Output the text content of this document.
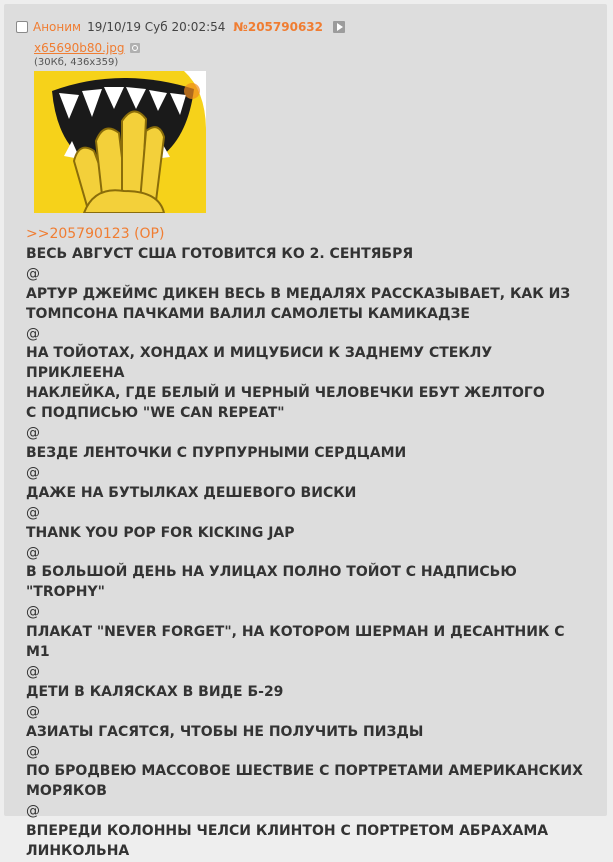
Аноним 19/10/19 Суб 20:02:54 №205790632
x65690b80.jpg
(30Кб, 436x359)
>>205790123 (OP)
ВЕСЬ АВГУСТ США ГОТОВИТСЯ КО 2. СЕНТЯБРЯ
@
АРТУР ДЖЕЙМС ДИКЕН ВЕСЬ В МЕДАЛЯХ РАССКАЗЫВАЕТ, КАК ИЗ
ТОМПСОНА ПАЧКАМИ ВАЛИЛ САМОЛЕТЫ КАМИКАДЗЕ
@
НА ТОЙОТАХ, ХОНДАХ И МИЦУБИСИ К ЗАДНЕМУ СТЕКЛУ ПРИКЛЕЕНА
НАКЛЕЙКА, ГДЕ БЕЛЫЙ И ЧЕРНЫЙ ЧЕЛОВЕЧКИ ЕБУТ ЖЕЛТОГО
С ПОДПИСЬЮ "WE CAN REPEAT"
@
ВЕЗДЕ ЛЕНТОЧКИ С ПУРПУРНЫМИ СЕРДЦАМИ
@
ДАЖЕ НА БУТЫЛКАХ ДЕШЕВОГО ВИСКИ
@
THANK YOU POP FOR KICKING JAP
@
В БОЛЬШОЙ ДЕНЬ НА УЛИЦАХ ПОЛНО ТОЙОТ С НАДПИСЬЮ "TROPHY"
@
ПЛАКАТ "NEVER FORGET", НА КОТОРОМ ШЕРМАН И ДЕСАНТНИК С М1
@
ДЕТИ В КАЛЯСКАХ В ВИДЕ Б-29
@
АЗИАТЫ ГАСЯТСЯ, ЧТОБЫ НЕ ПОЛУЧИТЬ ПИЗДЫ
@
ПО БРОДВЕЮ МАССОВОЕ ШЕСТВИЕ С ПОРТРЕТАМИ АМЕРИКАНСКИХ
МОРЯКОВ
@
ВПЕРЕДИ КОЛОННЫ ЧЕЛСИ КЛИНТОН С ПОРТРЕТОМ АБРАХАМА
ЛИНКОЛЬНА
